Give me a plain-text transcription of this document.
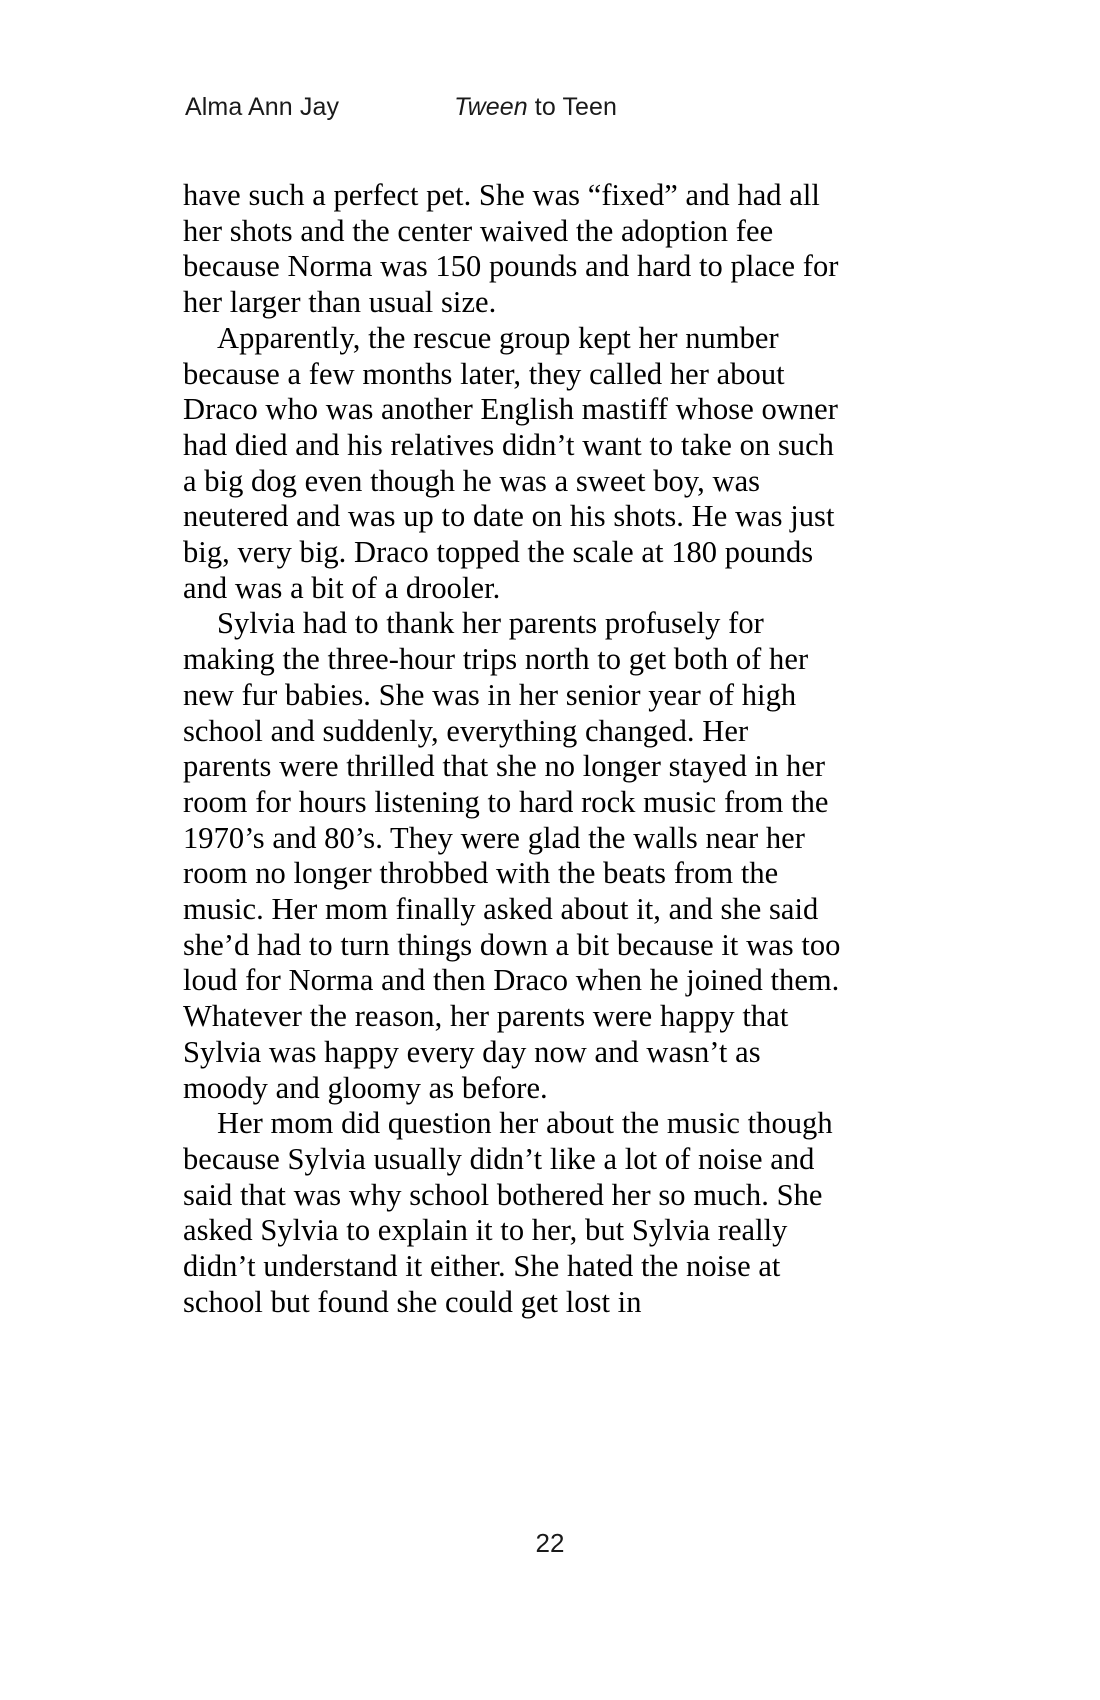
Alma Ann Jay	Tween to Teen

have such a perfect pet. She was “fixed” and had all her shots and the center waived the adoption fee because Norma was 150 pounds and hard to place for her larger than usual size.

Apparently, the rescue group kept her number because a few months later, they called her about Draco who was another English mastiff whose owner had died and his relatives didn’t want to take on such a big dog even though he was a sweet boy, was neutered and was up to date on his shots. He was just big, very big. Draco topped the scale at 180 pounds and was a bit of a drooler.

Sylvia had to thank her parents profusely for making the three-hour trips north to get both of her new fur babies. She was in her senior year of high school and suddenly, everything changed. Her parents were thrilled that she no longer stayed in her room for hours listening to hard rock music from the 1970’s and 80’s. They were glad the walls near her room no longer throbbed with the beats from the music. Her mom finally asked about it, and she said she’d had to turn things down a bit because it was too loud for Norma and then Draco when he joined them. Whatever the reason, her parents were happy that Sylvia was happy every day now and wasn’t as moody and gloomy as before.

Her mom did question her about the music though because Sylvia usually didn’t like a lot of noise and said that was why school bothered her so much. She asked Sylvia to explain it to her, but Sylvia really didn’t understand it either. She hated the noise at school but found she could get lost in

22
